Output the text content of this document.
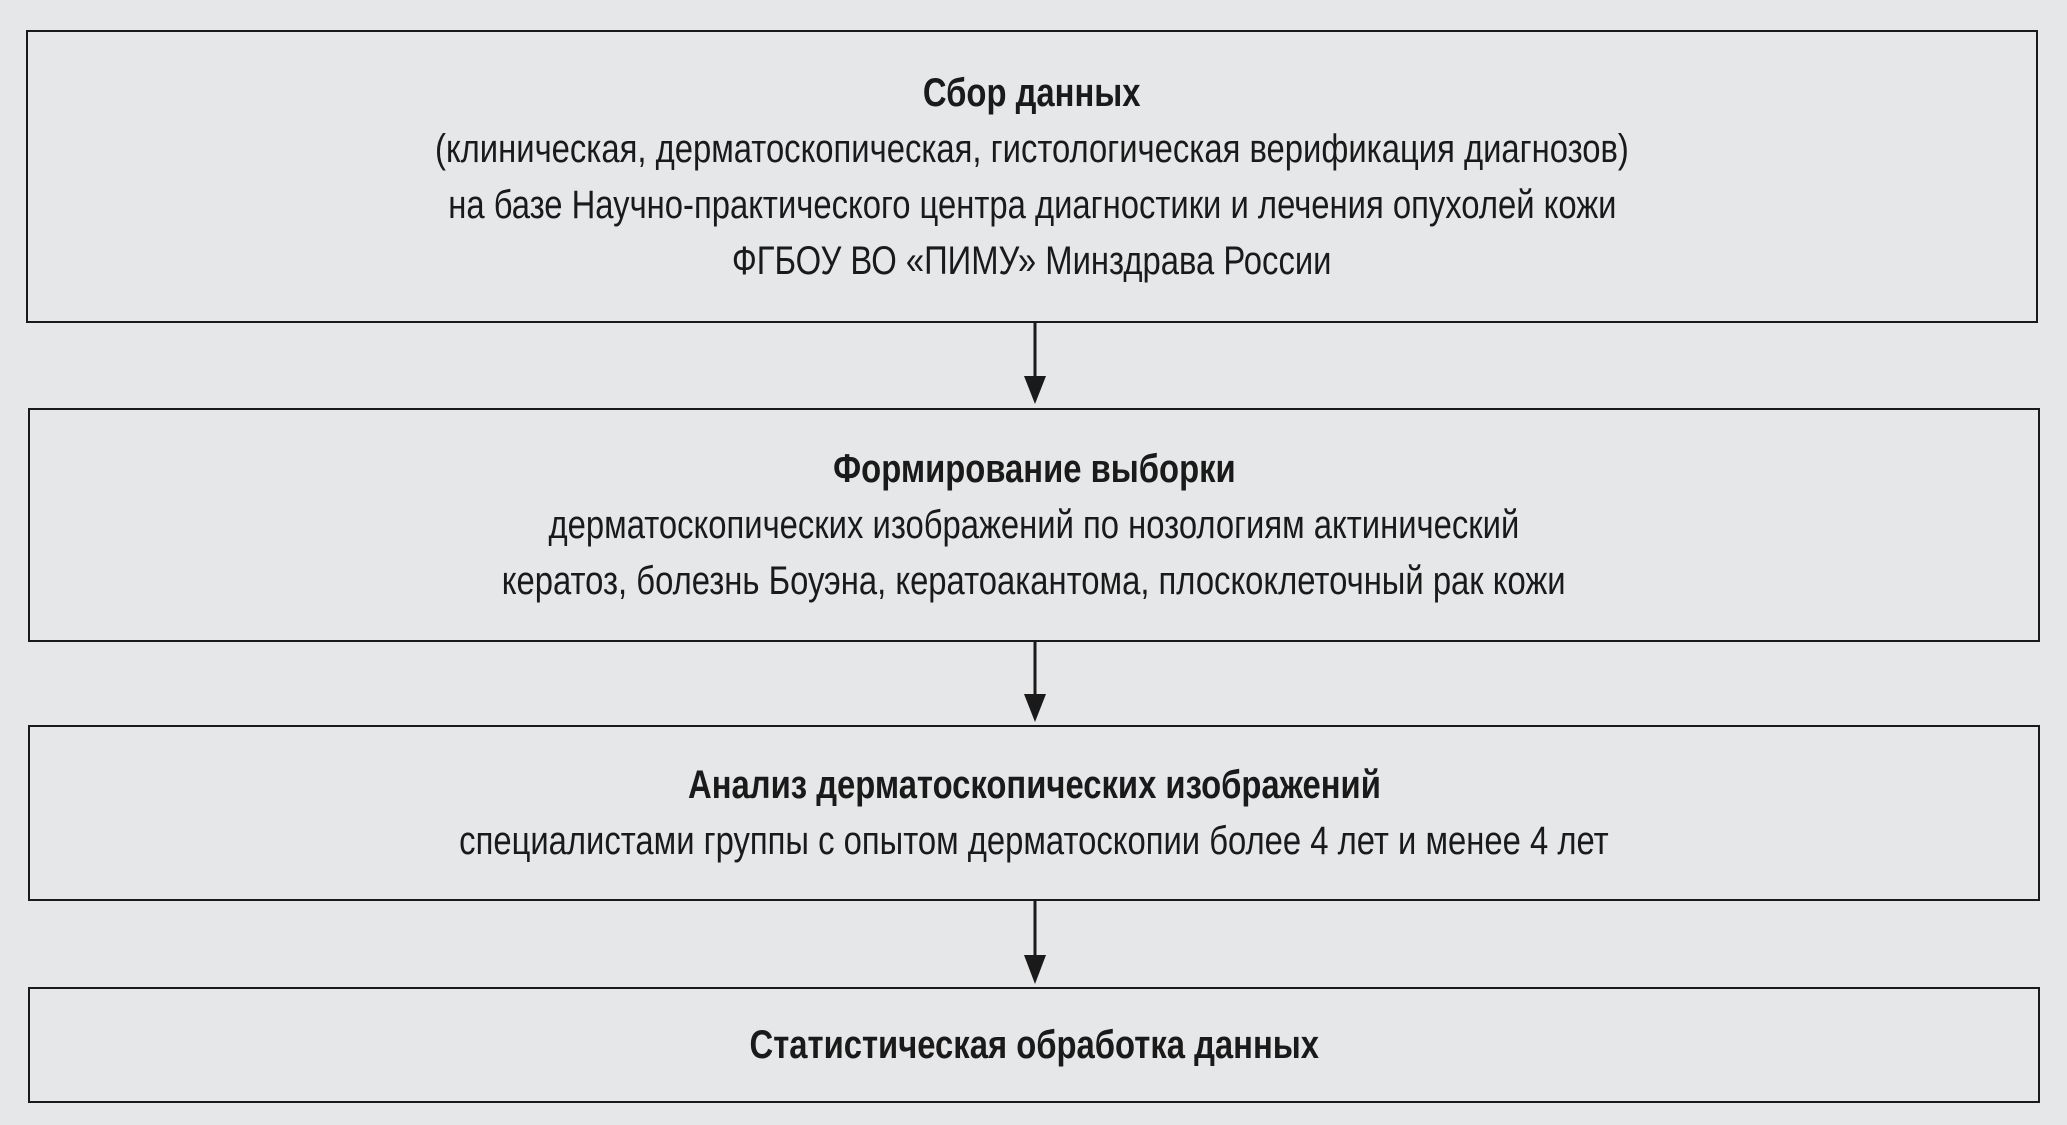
Сбор данных
(клиническая, дерматоскопическая, гистологическая верификация диагнозов)
на базе Научно-практического центра диагностики и лечения опухолей кожи
ФГБОУ ВО «ПИМУ» Минздрава России
Формирование выборки
дерматоскопических изображений по нозологиям актинический
кератоз, болезнь Боуэна, кератоакантома, плоскоклеточный рак кожи
Анализ дерматоскопических изображений
специалистами группы с опытом дерматоскопии более 4 лет и менее 4 лет
Статистическая обработка данных
